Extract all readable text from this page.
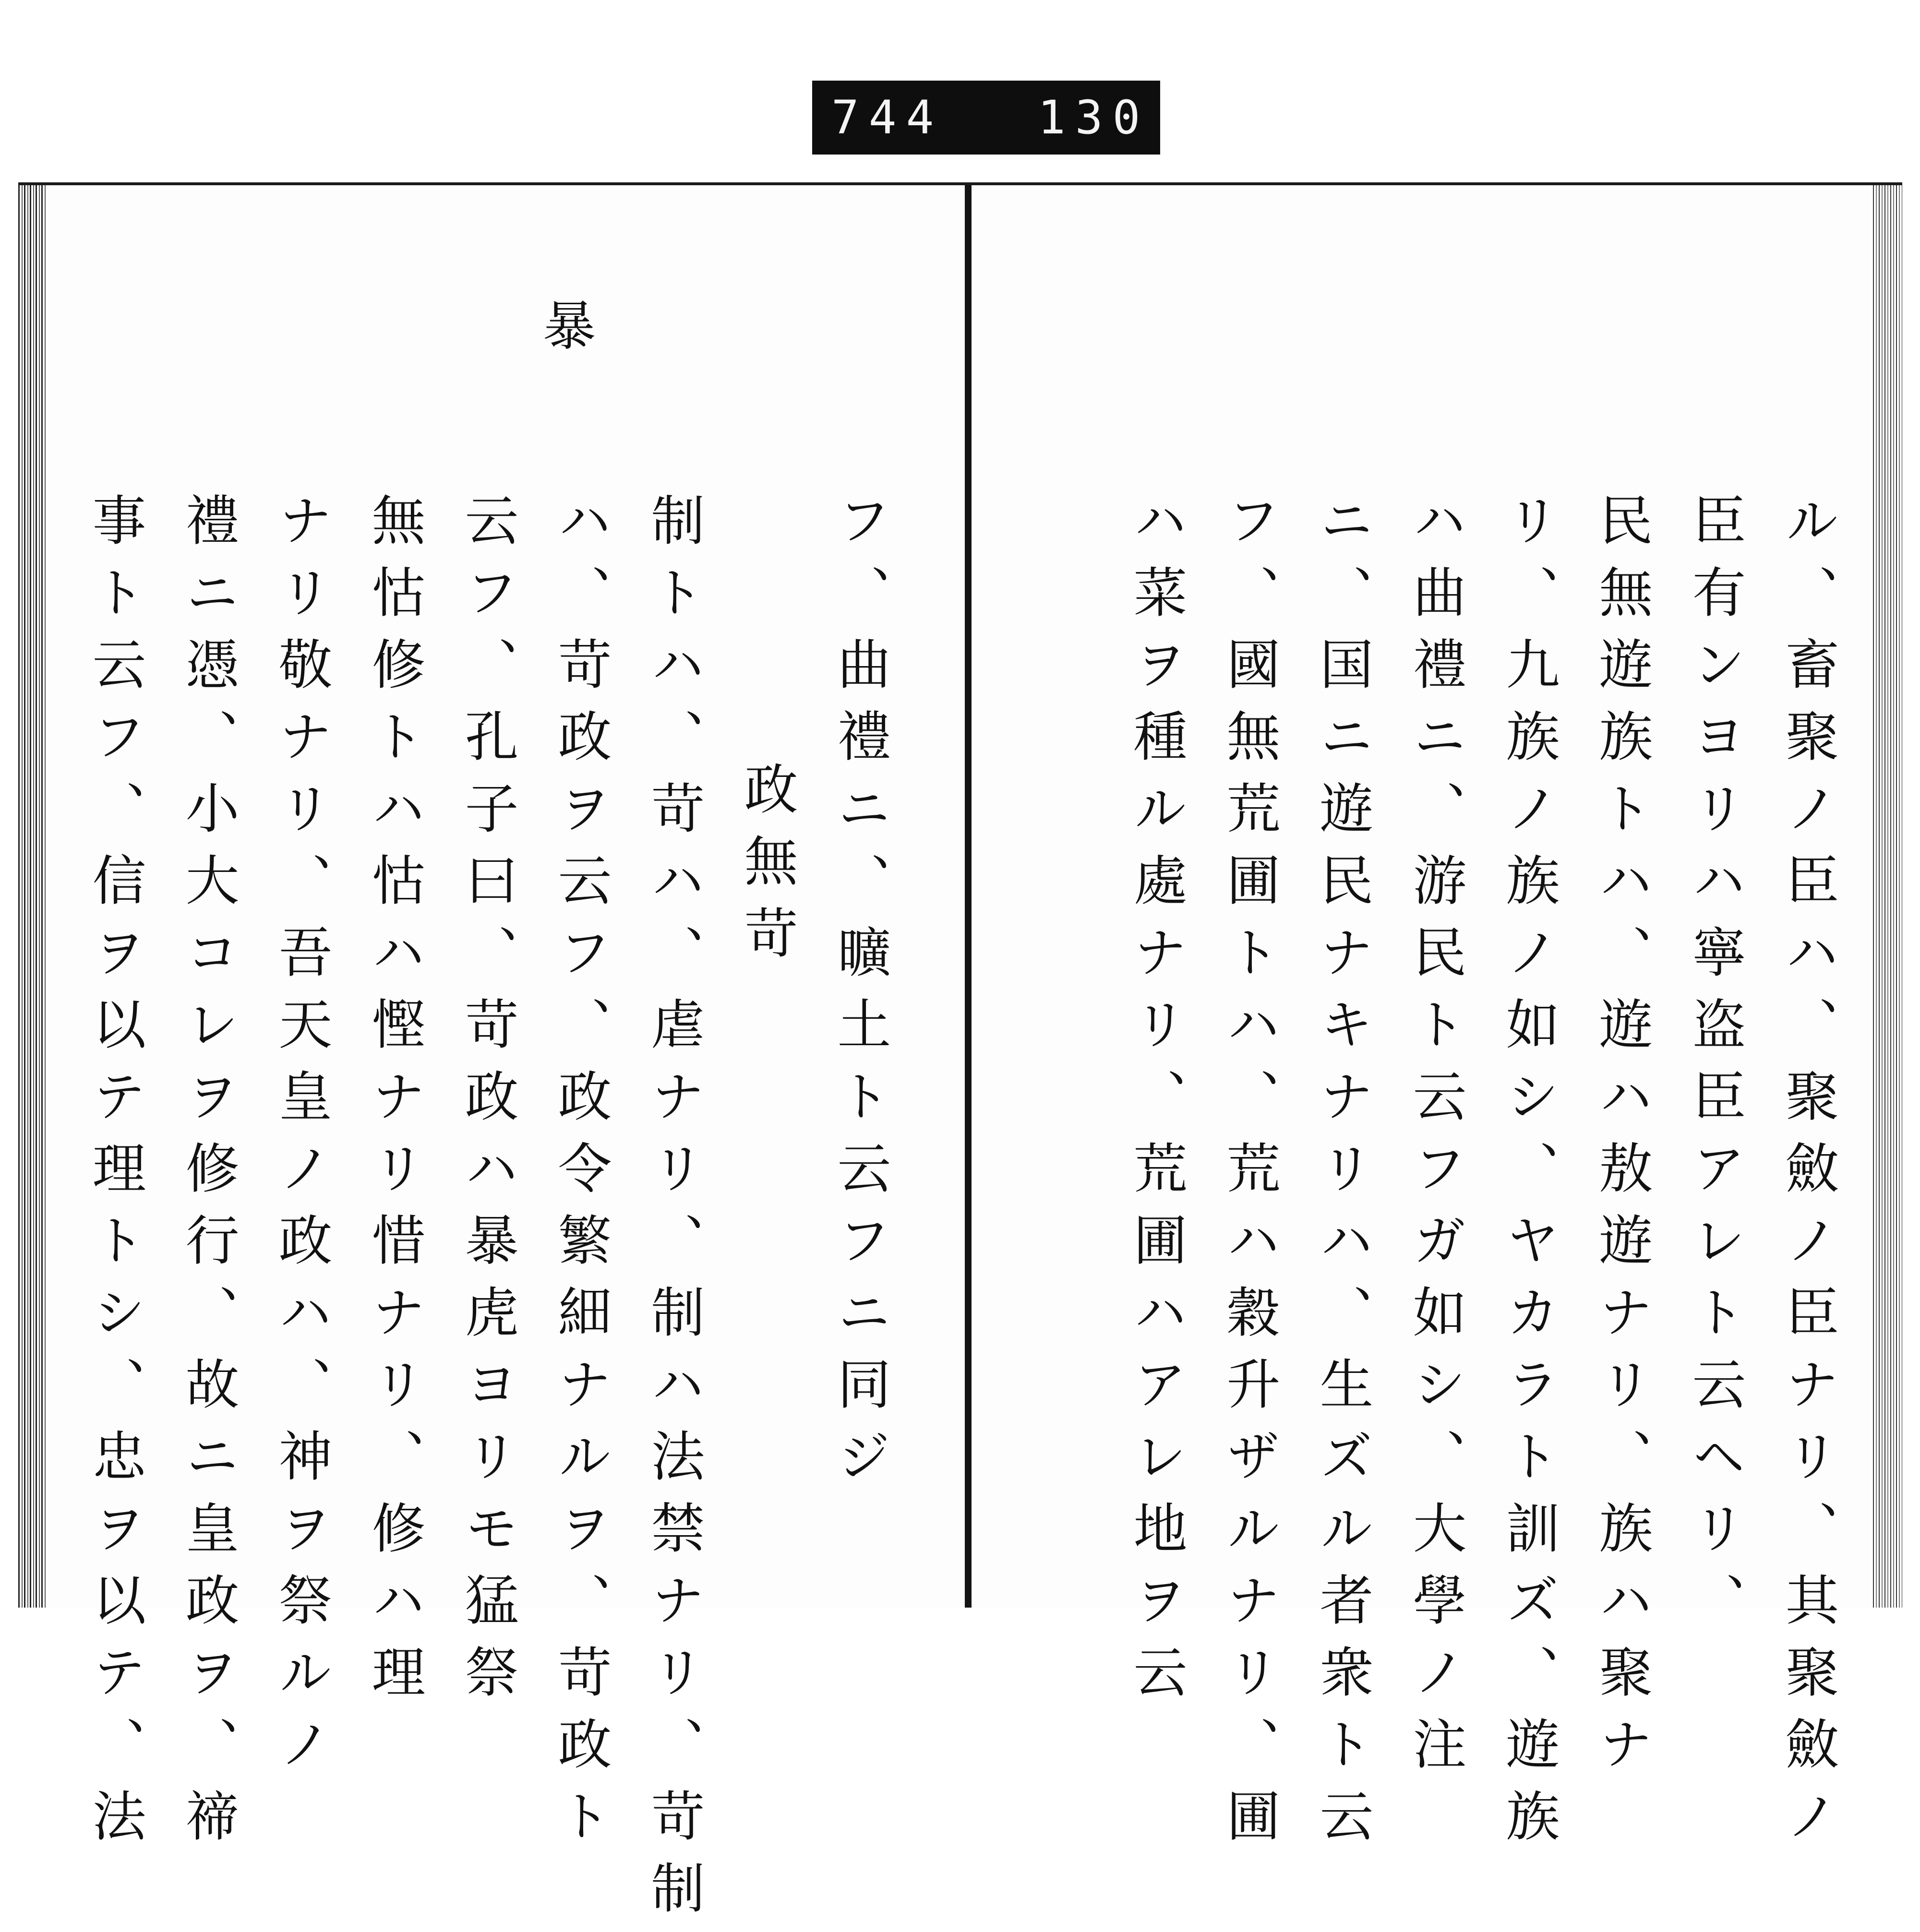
744 130
暴
フ、曲禮ニ、曠土ト云フニ同ジ
政無苛
制トハ、苛ハ、虐ナリ、制ハ法禁ナリ、苛制
ハ、苛政ヲ云フ、政令繁細ナルヲ、苛政ト
云フ、孔子曰、苛政ハ暴虎ヨリモ猛祭
無怙修トハ怙ハ慳ナリ惜ナリ、修ハ理
ナリ敬ナリ、吾天皇ノ政ハ、神ヲ祭ルノ
禮ニ憑、小大コレヲ修行、故ニ皇政ヲ、禘
事ト云フ、信ヲ以テ理トシ、忠ヲ以テ、法	ル、畜聚ノ臣ハ、聚斂ノ臣ナリ、其聚斂ノ
臣有ンヨリハ寧盗臣アレト云ヘリ、
民無遊族トハ、遊ハ敖遊ナリ、族ハ聚ナ
リ、九族ノ族ノ如シ、ヤカラト訓ズ、遊族
ハ曲禮ニ、游民ト云フガ如シ、大學ノ注
ニ、国ニ遊民ナキナリハ、生ズル者衆ト云
フ、國無荒圃トハ、荒ハ穀升ザルナリ、圃
ハ菜ヲ種ル處ナリ、荒圃ハアレ地ヲ云
